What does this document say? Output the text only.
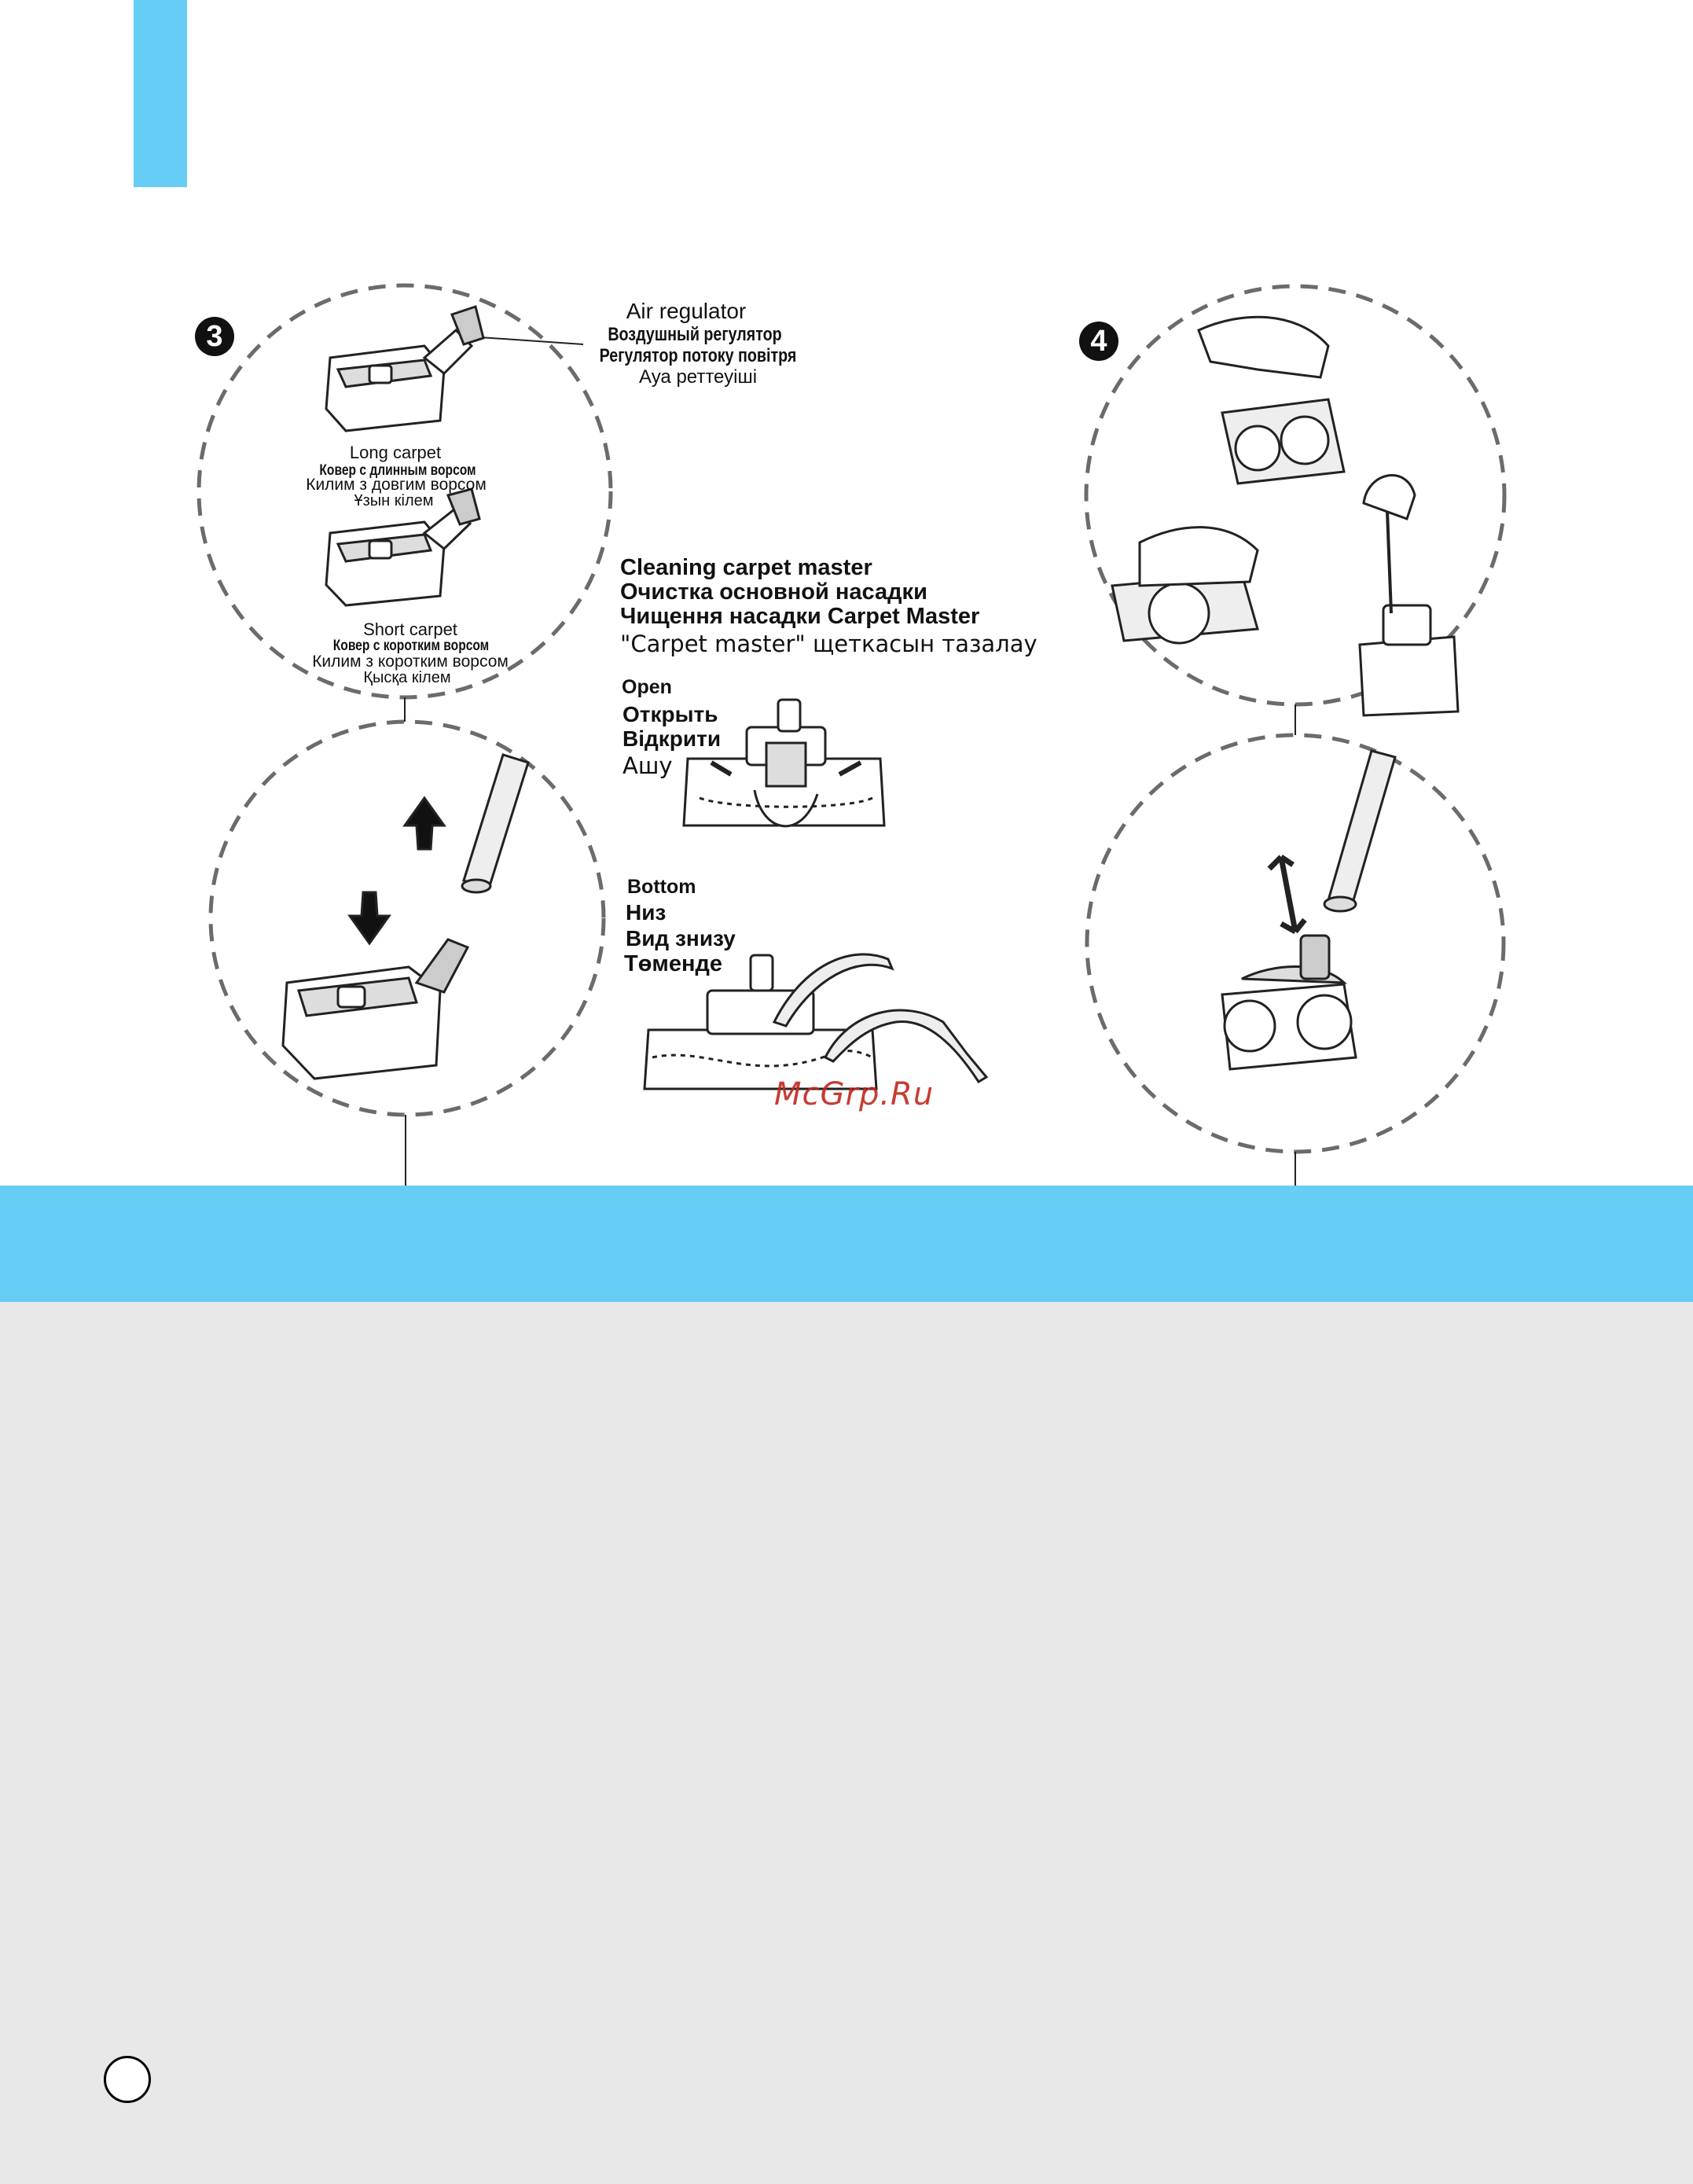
3	4
Air regulator
Воздушный регулятор
Регулятор потоку повітря
Ауа реттеуіші
Long carpet
Ковер с длинным ворсом
Килим з довгим ворсом
Ұзын кілем
Short carpet
Ковер с коротким ворсом
Килим з коротким ворсом
Қысқа кілем
Cleaning carpet master
Очистка основной насадки
Чищення насадки Carpet Master
"Carpet master" щеткасын тазалау
Open
Открыть
Відкрити
Ашу
Bottom
Низ
Вид знизу
Төменде
McGrp.Ru
